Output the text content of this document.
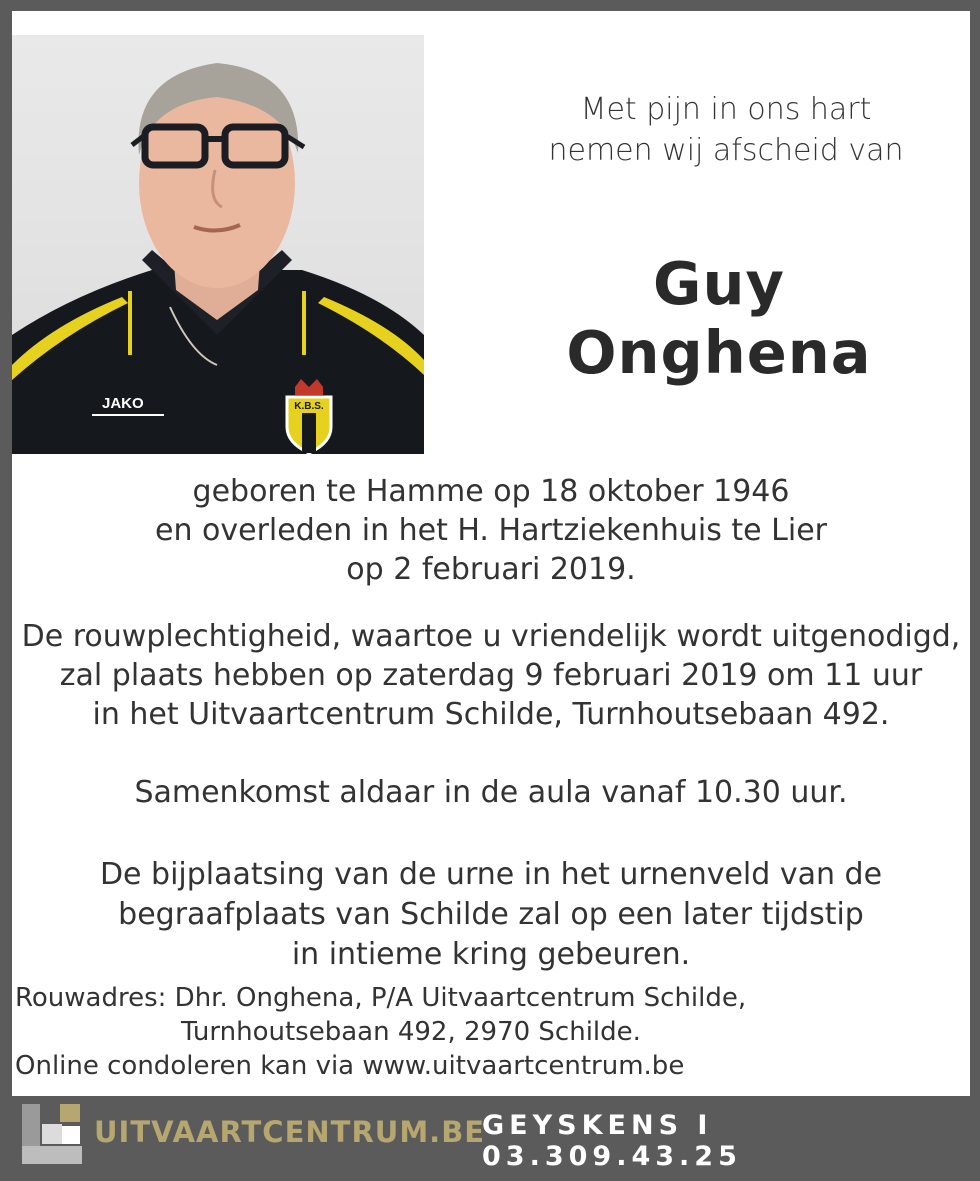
JAKO	K.B.S.
Met pijn in ons hart
nemen wij afscheid van
Guy Onghena
geboren te Hamme op 18 oktober 1946
en overleden in het H. Hartziekenhuis te Lier
op 2 februari 2019.
De rouwplechtigheid, waartoe u vriendelijk wordt uitgenodigd,
zal plaats hebben op zaterdag 9 februari 2019 om 11 uur
in het Uitvaartcentrum Schilde, Turnhoutsebaan 492.
Samenkomst aldaar in de aula vanaf 10.30 uur.
De bijplaatsing van de urne in het urnenveld van de
begraafplaats van Schilde zal op een later tijdstip
in intieme kring gebeuren.
Rouwadres: Dhr. Onghena, P/A Uitvaartcentrum Schilde,
Turnhoutsebaan 492, 2970 Schilde.
Online condoleren kan via www.uitvaartcentrum.be
UITVAARTCENTRUM.BE
GEYSKENS I 03.309.43.25
